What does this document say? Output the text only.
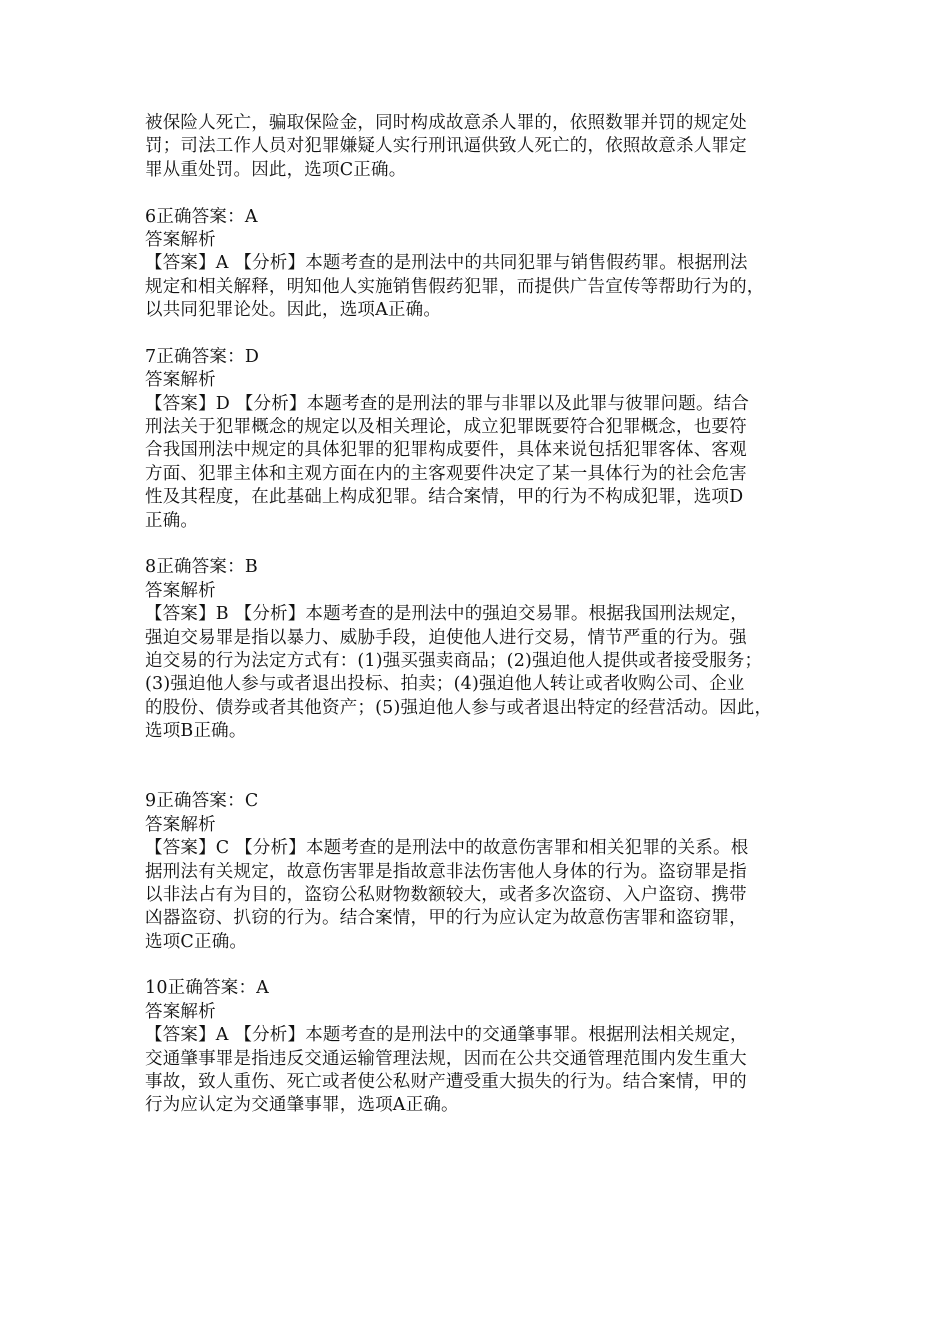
被保险人死亡，骗取保险金，同时构成故意杀人罪的，依照数罪并罚的规定处
罚；司法工作人员对犯罪嫌疑人实行刑讯逼供致人死亡的，依照故意杀人罪定
罪从重处罚。因此，选项C正确。
6正确答案：A
答案解析
【答案】A 【分析】本题考查的是刑法中的共同犯罪与销售假药罪。根据刑法
规定和相关解释，明知他人实施销售假药犯罪，而提供广告宣传等帮助行为的，
以共同犯罪论处。因此，选项A正确。
7正确答案：D
答案解析
【答案】D 【分析】本题考查的是刑法的罪与非罪以及此罪与彼罪问题。结合
刑法关于犯罪概念的规定以及相关理论，成立犯罪既要符合犯罪概念，也要符
合我国刑法中规定的具体犯罪的犯罪构成要件，具体来说包括犯罪客体、客观
方面、犯罪主体和主观方面在内的主客观要件决定了某一具体行为的社会危害
性及其程度，在此基础上构成犯罪。结合案情，甲的行为不构成犯罪，选项D
正确。
8正确答案：B
答案解析
【答案】B 【分析】本题考查的是刑法中的强迫交易罪。根据我国刑法规定，
强迫交易罪是指以暴力、威胁手段，迫使他人进行交易，情节严重的行为。强
迫交易的行为法定方式有：(1)强买强卖商品；(2)强迫他人提供或者接受服务；
(3)强迫他人参与或者退出投标、拍卖；(4)强迫他人转让或者收购公司、企业
的股份、债券或者其他资产；(5)强迫他人参与或者退出特定的经营活动。因此，
选项B正确。
9正确答案：C
答案解析
【答案】C 【分析】本题考查的是刑法中的故意伤害罪和相关犯罪的关系。根
据刑法有关规定，故意伤害罪是指故意非法伤害他人身体的行为。盗窃罪是指
以非法占有为目的，盗窃公私财物数额较大，或者多次盗窃、入户盗窃、携带
凶器盗窃、扒窃的行为。结合案情，甲的行为应认定为故意伤害罪和盗窃罪，
选项C正确。
10正确答案：A
答案解析
【答案】A 【分析】本题考查的是刑法中的交通肇事罪。根据刑法相关规定，
交通肇事罪是指违反交通运输管理法规，因而在公共交通管理范围内发生重大
事故，致人重伤、死亡或者使公私财产遭受重大损失的行为。结合案情，甲的
行为应认定为交通肇事罪，选项A正确。
